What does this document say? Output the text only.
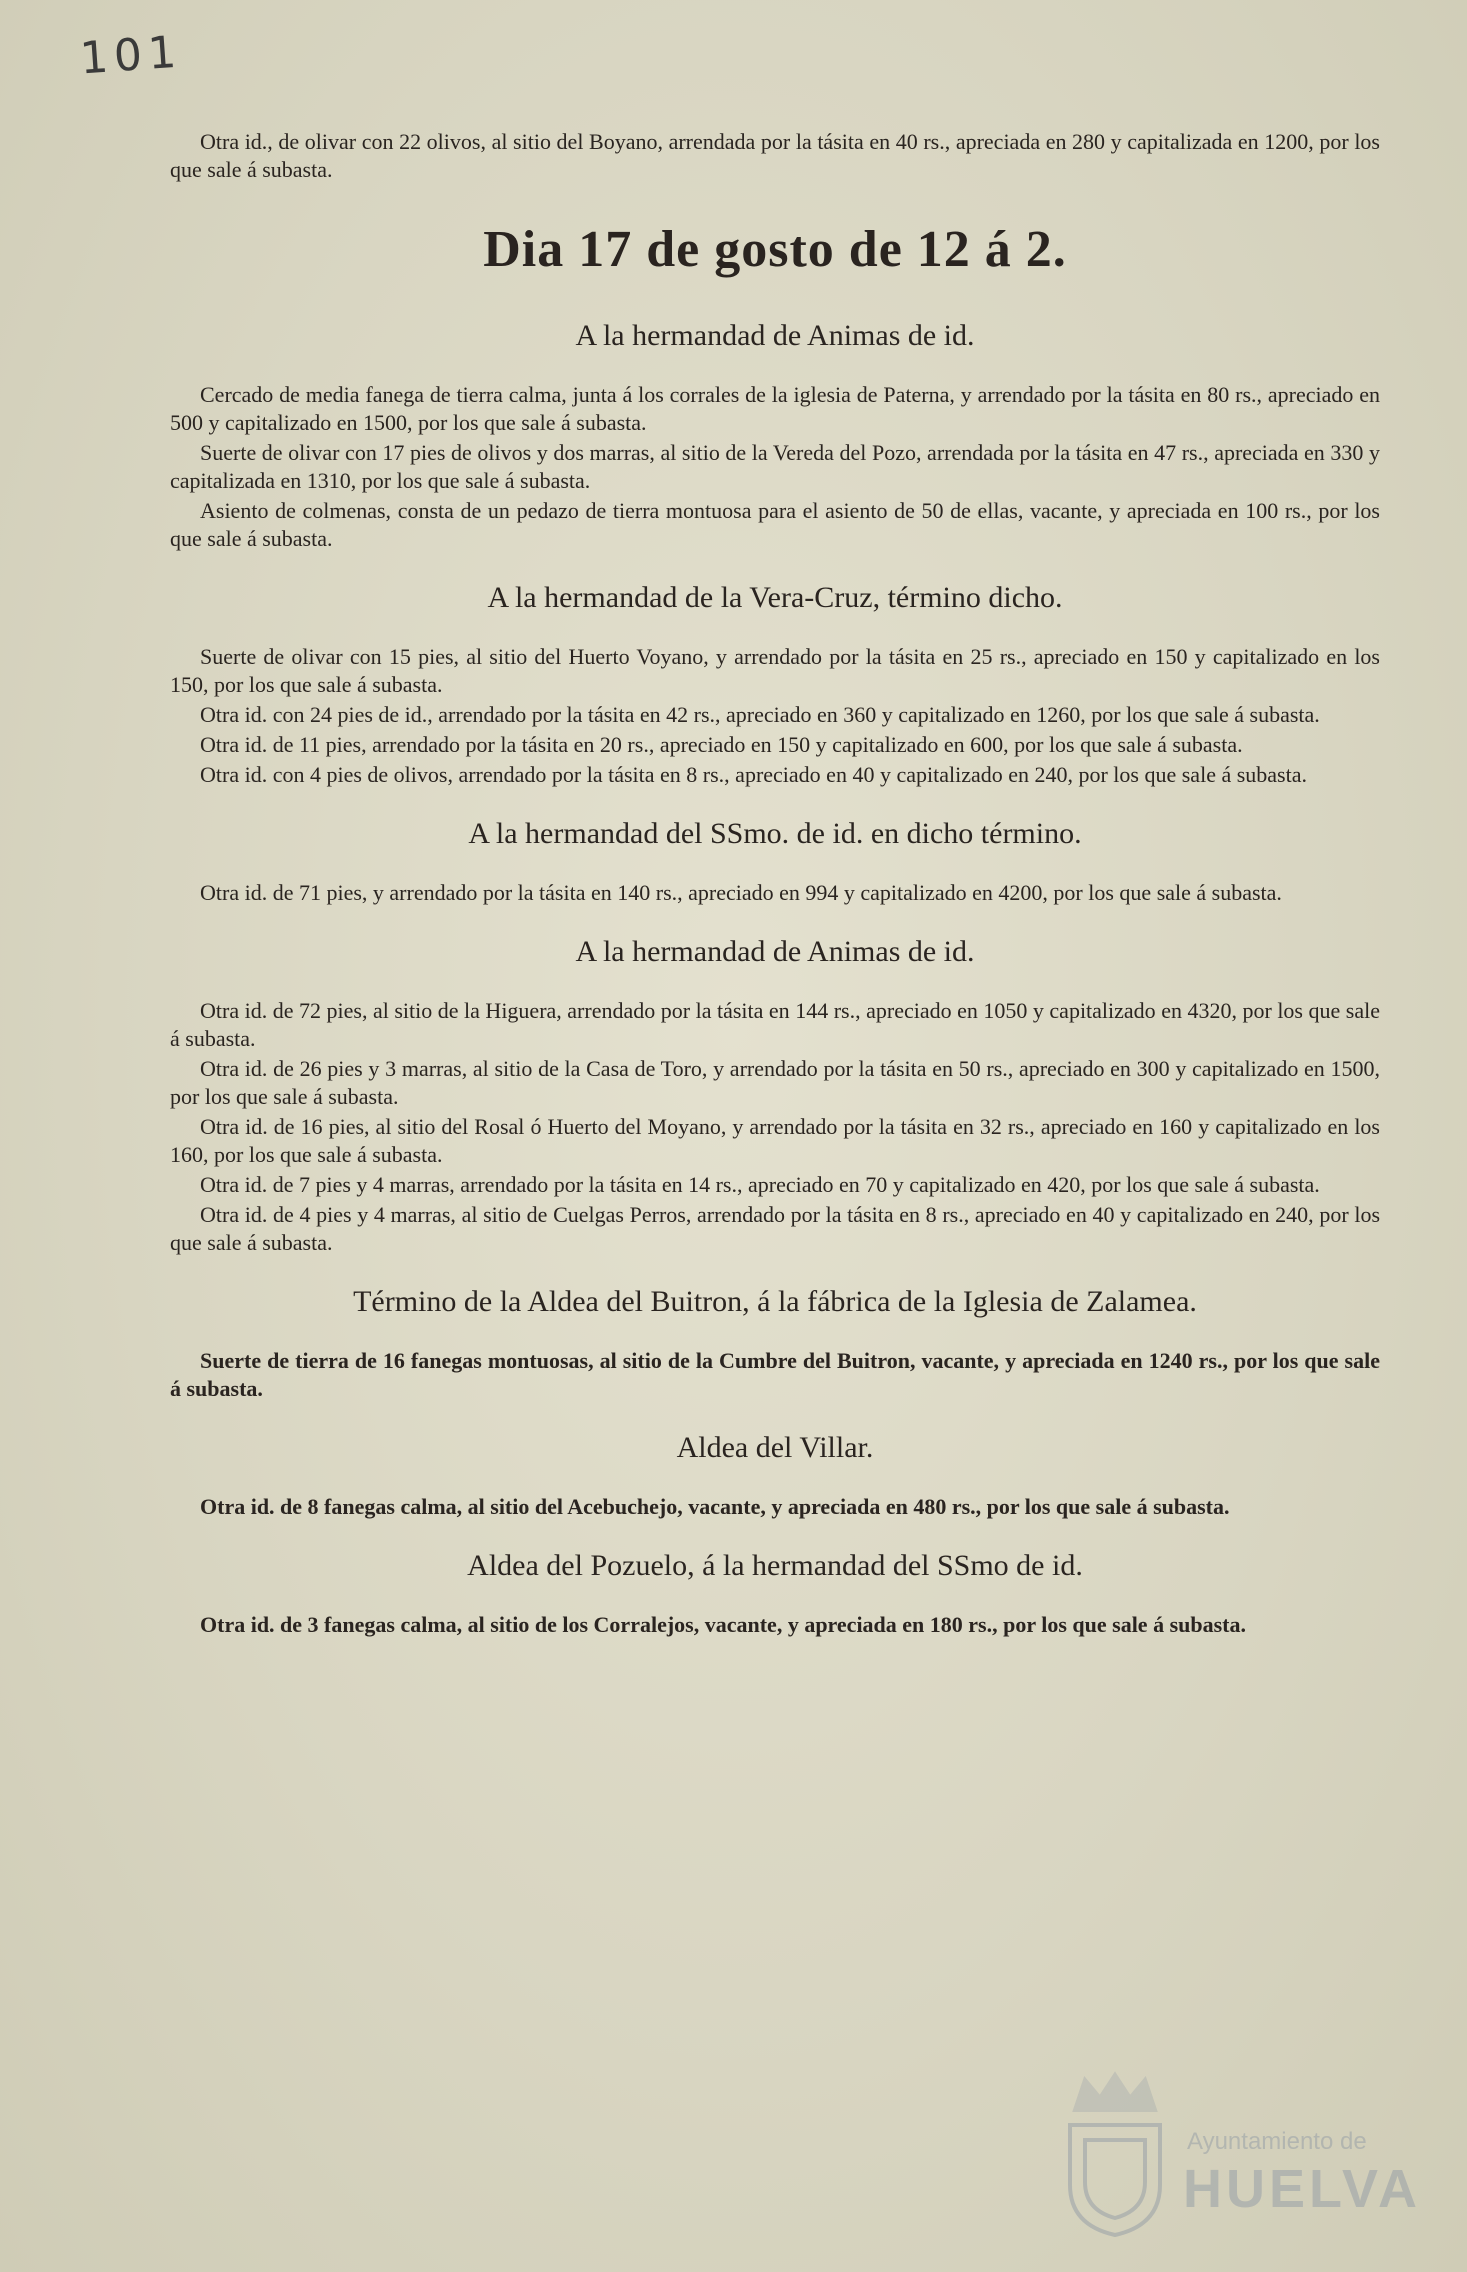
101

Otra id., de olivar con 22 olivos, al sitio del Boyano, arrendada por la tásita en 40 rs., apreciada en 280 y capitalizada en 1200, por los que sale á subasta.

Dia 17 de gosto de 12 á 2.
A la hermandad de Animas de id.

Cercado de media fanega de tierra calma, junta á los corrales de la iglesia de Paterna, y arrendado por la tásita en 80 rs., apreciado en 500 y capitalizado en 1500, por los que sale á subasta.

Suerte de olivar con 17 pies de olivos y dos marras, al sitio de la Vereda del Pozo, arrendada por la tásita en 47 rs., apreciada en 330 y capitalizada en 1310, por los que sale á subasta.

Asiento de colmenas, consta de un pedazo de tierra montuosa para el asiento de 50 de ellas, vacante, y apreciada en 100 rs., por los que sale á subasta.

A la hermandad de la Vera-Cruz, término dicho.

Suerte de olivar con 15 pies, al sitio del Huerto Voyano, y arrendado por la tásita en 25 rs., apreciado en 150 y capitalizado en los 150, por los que sale á subasta.

Otra id. con 24 pies de id., arrendado por la tásita en 42 rs., apreciado en 360 y capitalizado en 1260, por los que sale á subasta.

Otra id. de 11 pies, arrendado por la tásita en 20 rs., apreciado en 150 y capitalizado en 600, por los que sale á subasta.

Otra id. con 4 pies de olivos, arrendado por la tásita en 8 rs., apreciado en 40 y capitalizado en 240, por los que sale á subasta.

A la hermandad del SSmo. de id. en dicho término.

Otra id. de 71 pies, y arrendado por la tásita en 140 rs., apreciado en 994 y capitalizado en 4200, por los que sale á subasta.

A la hermandad de Animas de id.

Otra id. de 72 pies, al sitio de la Higuera, arrendado por la tásita en 144 rs., apreciado en 1050 y capitalizado en 4320, por los que sale á subasta.

Otra id. de 26 pies y 3 marras, al sitio de la Casa de Toro, y arrendado por la tásita en 50 rs., apreciado en 300 y capitalizado en 1500, por los que sale á subasta.

Otra id. de 16 pies, al sitio del Rosal ó Huerto del Moyano, y arrendado por la tásita en 32 rs., apreciado en 160 y capitalizado en los 160, por los que sale á subasta.

Otra id. de 7 pies y 4 marras, arrendado por la tásita en 14 rs., apreciado en 70 y capitalizado en 420, por los que sale á subasta.

Otra id. de 4 pies y 4 marras, al sitio de Cuelgas Perros, arrendado por la tásita en 8 rs., apreciado en 40 y capitalizado en 240, por los que sale á subasta.

Término de la Aldea del Buitron, á la fábrica de la Iglesia de Zalamea.

Suerte de tierra de 16 fanegas montuosas, al sitio de la Cumbre del Buitron, vacante, y apreciada en 1240 rs., por los que sale á subasta.

Aldea del Villar.

Otra id. de 8 fanegas calma, al sitio del Acebuchejo, vacante, y apreciada en 480 rs., por los que sale á subasta.

Aldea del Pozuelo, á la hermandad del SSmo de id.

Otra id. de 3 fanegas calma, al sitio de los Corralejos, vacante, y apreciada en 180 rs., por los que sale á subasta.

Ayuntamiento de
HUELVA
